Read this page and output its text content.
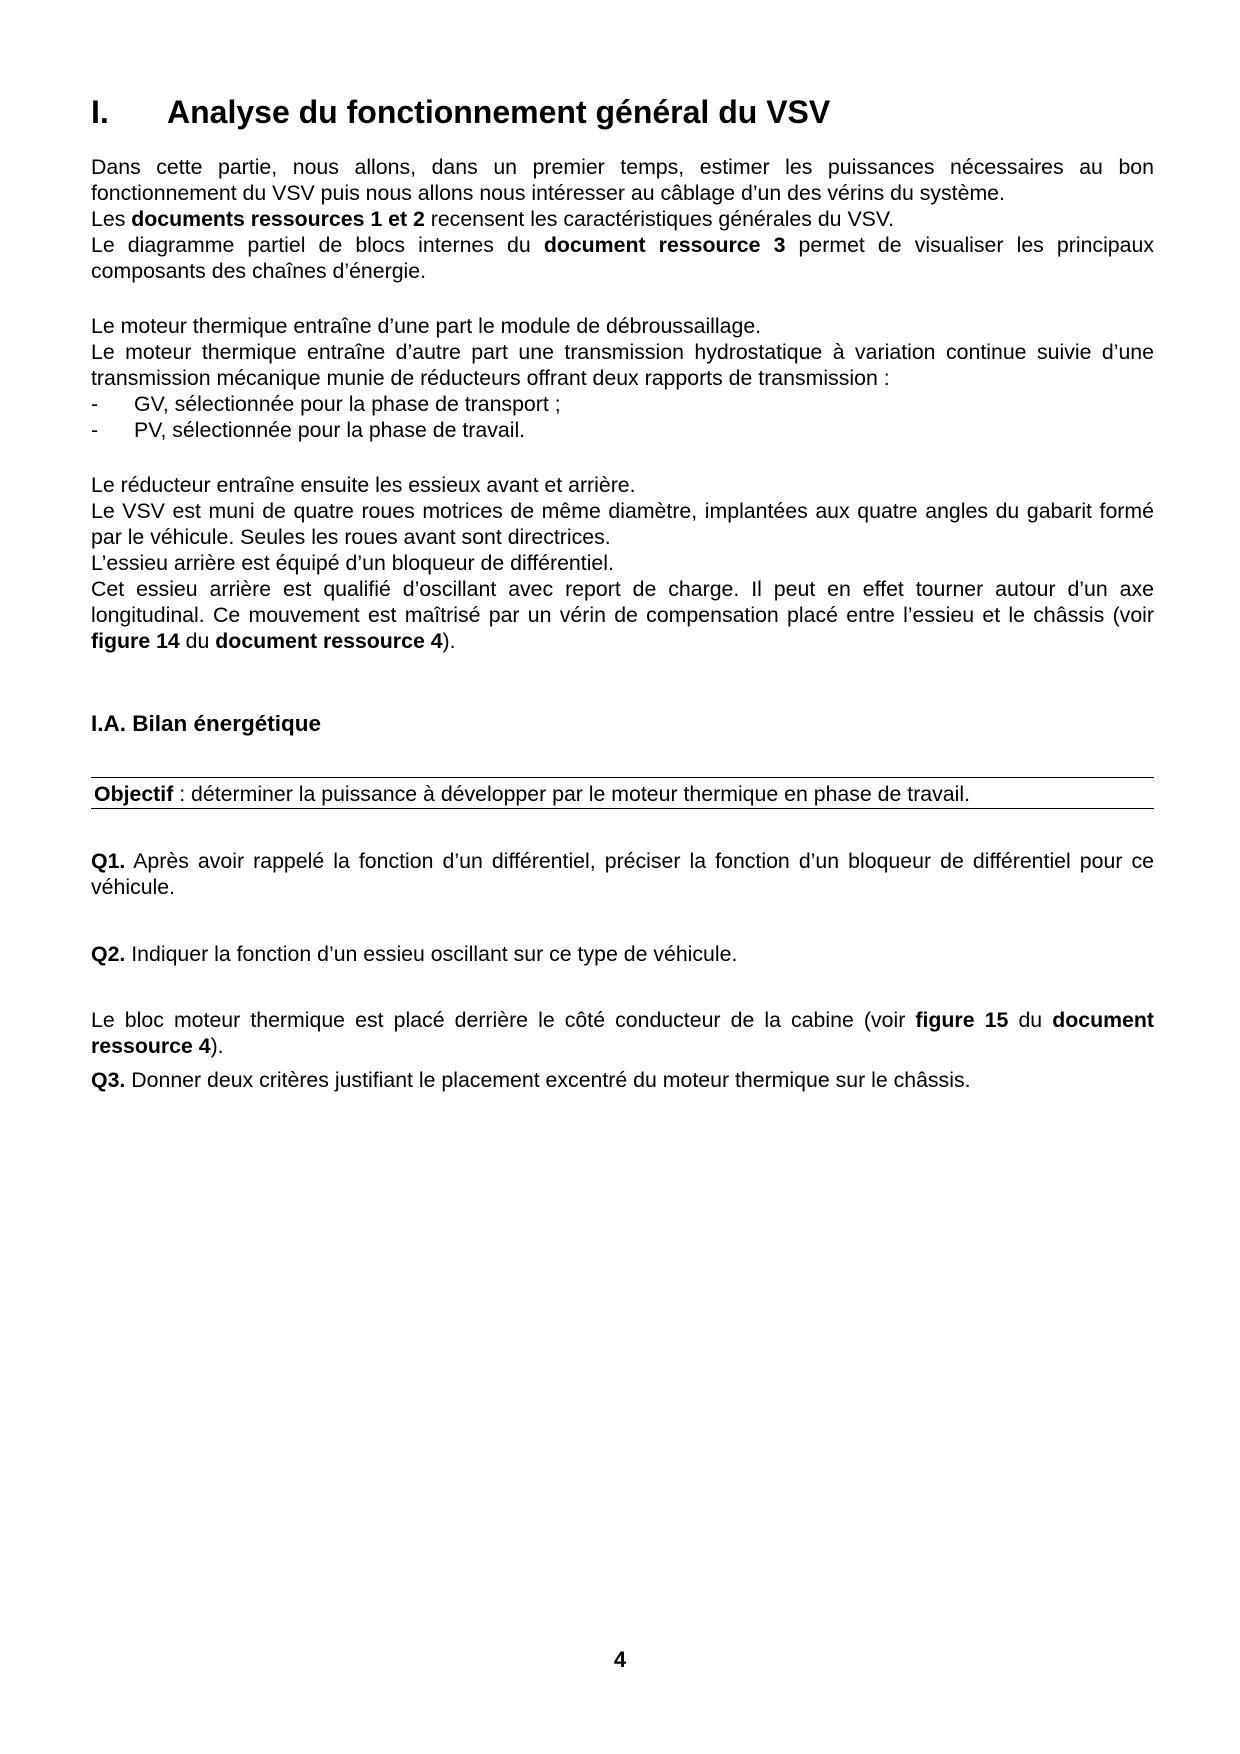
I. Analyse du fonctionnement général du VSV

Dans cette partie, nous allons, dans un premier temps, estimer les puissances nécessaires au bon fonctionnement du VSV puis nous allons nous intéresser au câblage d’un des vérins du système.

Les documents ressources 1 et 2 recensent les caractéristiques générales du VSV.

Le diagramme partiel de blocs internes du document ressource 3 permet de visualiser les principaux composants des chaînes d’énergie.

Le moteur thermique entraîne d’une part le module de débroussaillage.

Le moteur thermique entraîne d’autre part une transmission hydrostatique à variation continue suivie d’une transmission mécanique munie de réducteurs offrant deux rapports de transmission :

-	GV, sélectionnée pour la phase de transport ;
-	PV, sélectionnée pour la phase de travail.

Le réducteur entraîne ensuite les essieux avant et arrière.

Le VSV est muni de quatre roues motrices de même diamètre, implantées aux quatre angles du gabarit formé par le véhicule. Seules les roues avant sont directrices.

L’essieu arrière est équipé d’un bloqueur de différentiel.

Cet essieu arrière est qualifié d’oscillant avec report de charge. Il peut en effet tourner autour d’un axe longitudinal. Ce mouvement est maîtrisé par un vérin de compensation placé entre l’essieu et le châssis (voir figure 14 du document ressource 4).

I.A. Bilan énergétique
Objectif : déterminer la puissance à développer par le moteur thermique en phase de travail.

Q1. Après avoir rappelé la fonction d’un différentiel, préciser la fonction d’un bloqueur de différentiel pour ce véhicule.

Q2. Indiquer la fonction d’un essieu oscillant sur ce type de véhicule.

Le bloc moteur thermique est placé derrière le côté conducteur de la cabine (voir figure 15 du document ressource 4).

Q3. Donner deux critères justifiant le placement excentré du moteur thermique sur le châssis.

4
